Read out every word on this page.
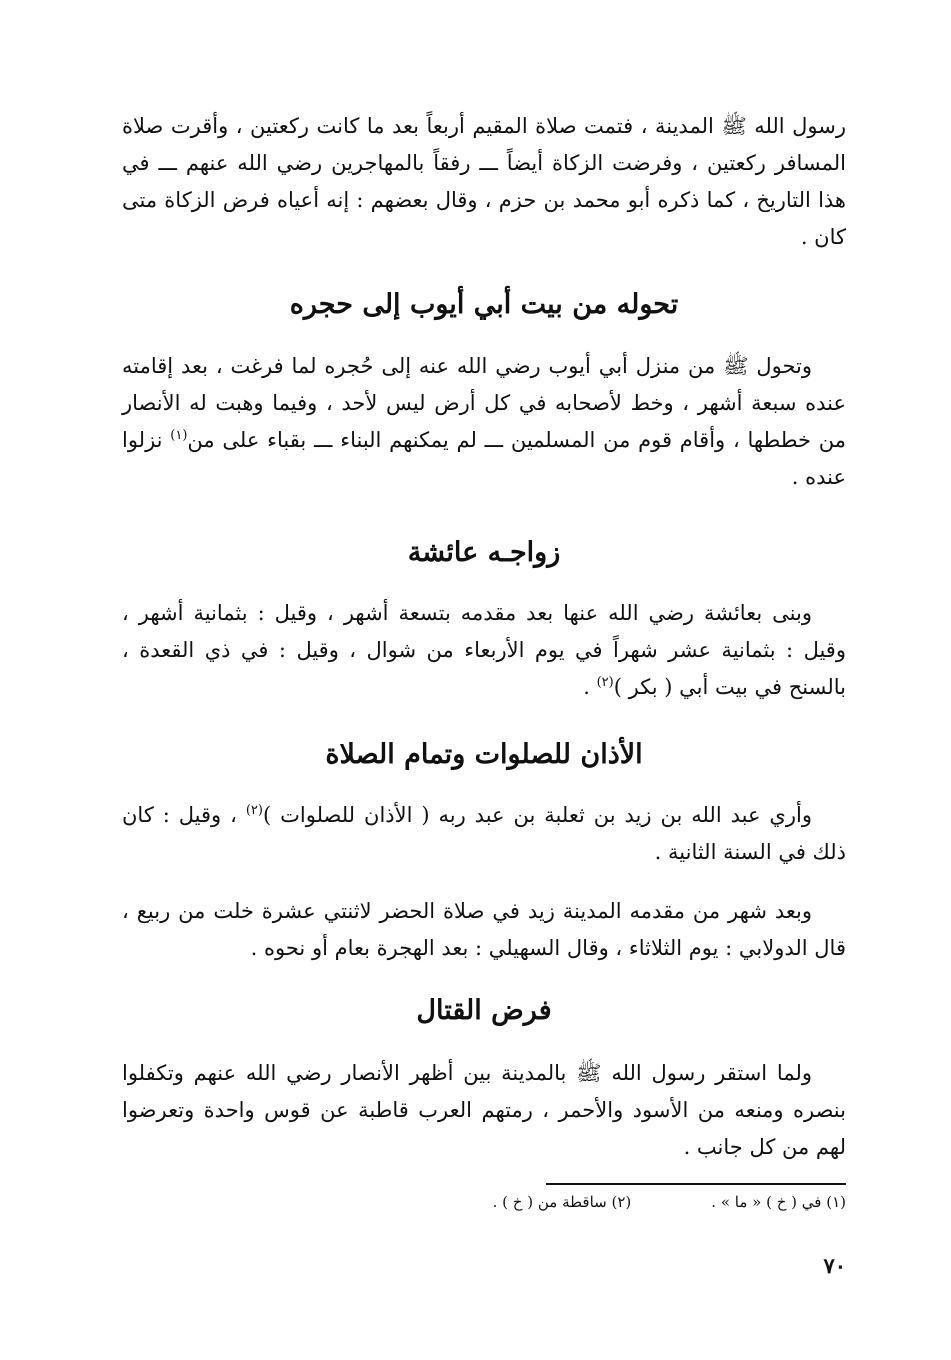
رسول الله ﷺ المدينة ، فتمت صلاة المقيم أربعاً بعد ما كانت ركعتين ، وأقرت صلاة المسافر ركعتين ، وفرضت الزكاة أيضاً ـــ رفقاً بالمهاجرين رضي الله عنهم ـــ في هذا التاريخ ، كما ذكره أبو محمد بن حزم ، وقال بعضهم : إنه أعياه فرض الزكاة متى كان .

تحوله من بيت أبي أيوب إلى حجره

وتحول ﷺ من منزل أبي أيوب رضي الله عنه إلى حُجره لما فرغت ، بعد إقامته عنده سبعة أشهر ، وخط لأصحابه في كل أرض ليس لأحد ، وفيما وهبت له الأنصار من خططها ، وأقام قوم من المسلمين ـــ لم يمكنهم البناء ـــ بقباء على من$^{(١)}$ نزلوا عنده .

زواجـه عائشة

وبنى بعائشة رضي الله عنها بعد مقدمه بتسعة أشهر ، وقيل : بثمانية أشهر ، وقيل : بثمانية عشر شهراً في يوم الأربعاء من شوال ، وقيل : في ذي القعدة ، بالسنح في بيت أبي ( بكر )$^{(٢)}$ .

الأذان للصلوات وتمام الصلاة

وأري عبد الله بن زيد بن ثعلبة بن عبد ربه ( الأذان للصلوات )$^{(٢)}$ ، وقيل : كان ذلك في السنة الثانية .

وبعد شهر من مقدمه المدينة زيد في صلاة الحضر لاثنتي عشرة خلت من ربيع ، قال الدولابي : يوم الثلاثاء ، وقال السهيلي : بعد الهجرة بعام أو نحوه .

فرض القتال

ولما استقر رسول الله ﷺ بالمدينة بين أظهر الأنصار رضي الله عنهم وتكفلوا بنصره ومنعه من الأسود والأحمر ، رمتهم العرب قاطبة عن قوس واحدة وتعرضوا لهم من كل جانب .

(١) في ( خ ) « ما » .
(٢) ساقطة من ( خ ) .
٧٠
